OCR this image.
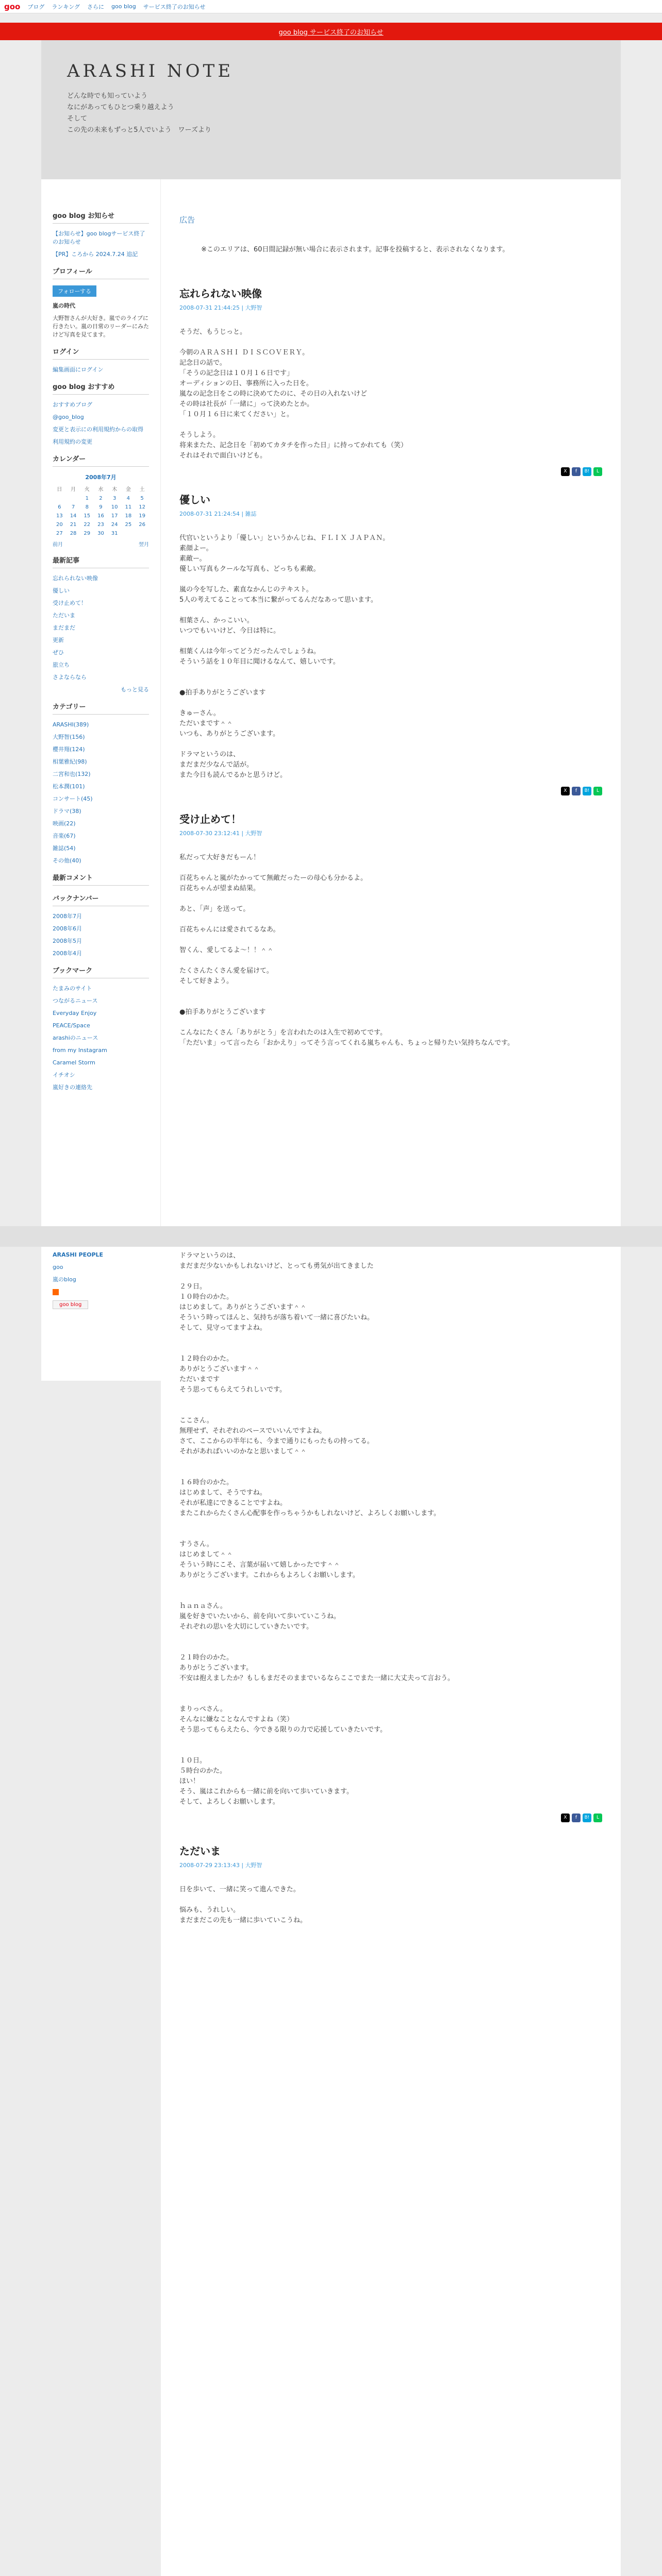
goo ブログ ランキング さらに goo blog サービス終了のお知らせ
goo blog サービス終了のお知らせ
ARASHI NOTE
どんな時でも知っていよう
なにがあってもひとつ乗り越えよう
そして
この先の未来もずっと5人でいよう　ワーズより
goo blog お知らせ
【お知らせ】goo blogサービス終了のお知らせ
【PR】ころから 2024.7.24 追記
プロフィール
フォローする
嵐の時代
大野智さんが大好き。嵐でのライブに行きたい。嵐の日常のリーダーにみたけど写真を見てます。
ログイン
編集画面にログイン
goo blog おすすめ
おすすめブログ
@goo_blog
変更と表示にの利用規約からの取得
利用規約の変更
カレンダー
2008年7月
日	月	火	水	木	金	土
		1	2	3	4	5
6	7	8	9	10	11	12
13	14	15	16	17	18	19
20	21	22	23	24	25	26
27	28	29	30	31		
前月	翌月
最新記事
忘れられない映像
優しい
受け止めて！
ただいま
まだまだ
更新
ぜひ
旅立ち
さよならなら
もっと見る
カテゴリー
ARASHI(389)
大野智(156)
櫻井翔(124)
相葉雅紀(98)
二宮和也(132)
松本潤(101)
コンサート(45)
ドラマ(38)
映画(22)
音楽(67)
雑誌(54)
その他(40)
最新コメント
バックナンバー
2008年7月
2008年6月
2008年5月
2008年4月
ブックマーク
たまみのサイト
つながるニュース
Everyday Enjoy
PEACE/Space
arashiのニュース
from my Instagram
Caramel Storm
イチオシ
嵐好きの連絡先
ARASHI PEOPLE
goo
嵐のblog
goo blog
広告
※このエリアは、60日間記録が無い場合に表示されます。記事を投稿すると、表示されなくなります。
忘れられない映像
2008-07-31 21:44:25 | 大野智
そうだ、もうじっと。

今朝のＡＲＡＳＨＩ ＤＩＳＣＯＶＥＲＹ。
記念日の話で。
「そうの記念日は１０月１６日です」
オーディションの日、事務所に入った日を。
嵐なの記念日をこの時に決めてたのに、その日の入れないけど
その時は社長が「一緒に」って決めたとか。
「１０月１６日に来てください」と。

そうしよう。
将来またた、記念日を「初めてカタチを作った日」に持ってかれても（笑）
それはそれで面白いけども。
X	f	B!	L
優しい
2008-07-31 21:24:54 | 雑誌
代官いというより「優しい」というかんじね、ＦＬＩＸ ＪＡＰＡＮ。
素顔よー。
素敵ー。
優しい写真もクールな写真も、どっちも素敵。

嵐の今を写した、素直なかんじのテキスト。
5人の考えてることって本当に繋がってるんだなあって思います。

相葉さん、かっこいい。
いつでもいいけど、今日は特に。

相葉くんは今年ってどうだったんでしょうね。
そういう話を１０年目に聞けるなんて、嬉しいです。

●拍手ありがとうございます

きゅーさん。
ただいまです＾＾
いつも、ありがとうございます。

ドラマというのは、
まだまだ少なんで話が。
また今日も読んでるかと思うけど。
X	f	B!	L
受け止めて！
2008-07-30 23:12:41 | 大野智
私だって大好きだもーん！

百花ちゃんと嵐がたかってて無敵だったーの母心も分かるよ。
百花ちゃんが望まぬ結果。

あと、「声」を送って。

百花ちゃんには愛されてるなあ。

智くん、愛してるよ～！！＾＾

たくさんたくさん愛を届けて。
そして好きよう。

●拍手ありがとうございます

こんなにたくさん「ありがとう」を言われたのは入生で初めてです。
「ただいま」って言ったら「おかえり」ってそう言ってくれる嵐ちゃんも、ちょっと帰りたい気持ちなんです。
ドラマというのは、
まだまだ少ないかもしれないけど、とっても勇気が出てきました

２９日。
１０時台のかた。
はじめまして。ありがとうございます＾＾
そういう時ってほんと、気持ちが落ち着いて一緒に喜びたいね。
そして、見守ってますよね。

１２時台のかた。
ありがとうございます＾＾
ただいまです
そう思ってもらえてうれしいです。

ここさん。
無理せず、それぞれのペースでいいんですよね。
さて、ここからの半年にも、今まで通りにもったもの持ってる。
それがあればいいのかなと思いまして＾＾

１６時台のかた。
はじめまして、そうですね。
それが私達にできることですよね。
またこれからたくさん心配事を作っちゃうかもしれないけど、よろしくお願いします。

すうさん。
はじめまして＾＾
そういう時にこそ、言葉が届いて嬉しかったです＾＾
ありがとうございます。これからもよろしくお願いします。

ｈａｎａさん。
嵐を好きでいたいから、前を向いて歩いていこうね。
それぞれの思いを大切にしていきたいです。

２１時台のかた。
ありがとうございます。
不安は抱えましたか？もしもまだそのままでいるならここでまた一緒に大丈夫って言おう。

まりっぺさん。
そんなに嫌なことなんですよね（笑）
そう思ってもらえたら、今できる限りの力で応援していきたいです。

１０日。
５時台のかた。
ほい！
そう、嵐はこれからも一緒に前を向いて歩いていきます。
そして、よろしくお願いします。
X	f	B!	L
ただいま
2008-07-29 23:13:43 | 大野智
日を歩いて、一緒に笑って進んできた。

悩みも、うれしい。
まだまだこの先も一緒に歩いていこうね。
